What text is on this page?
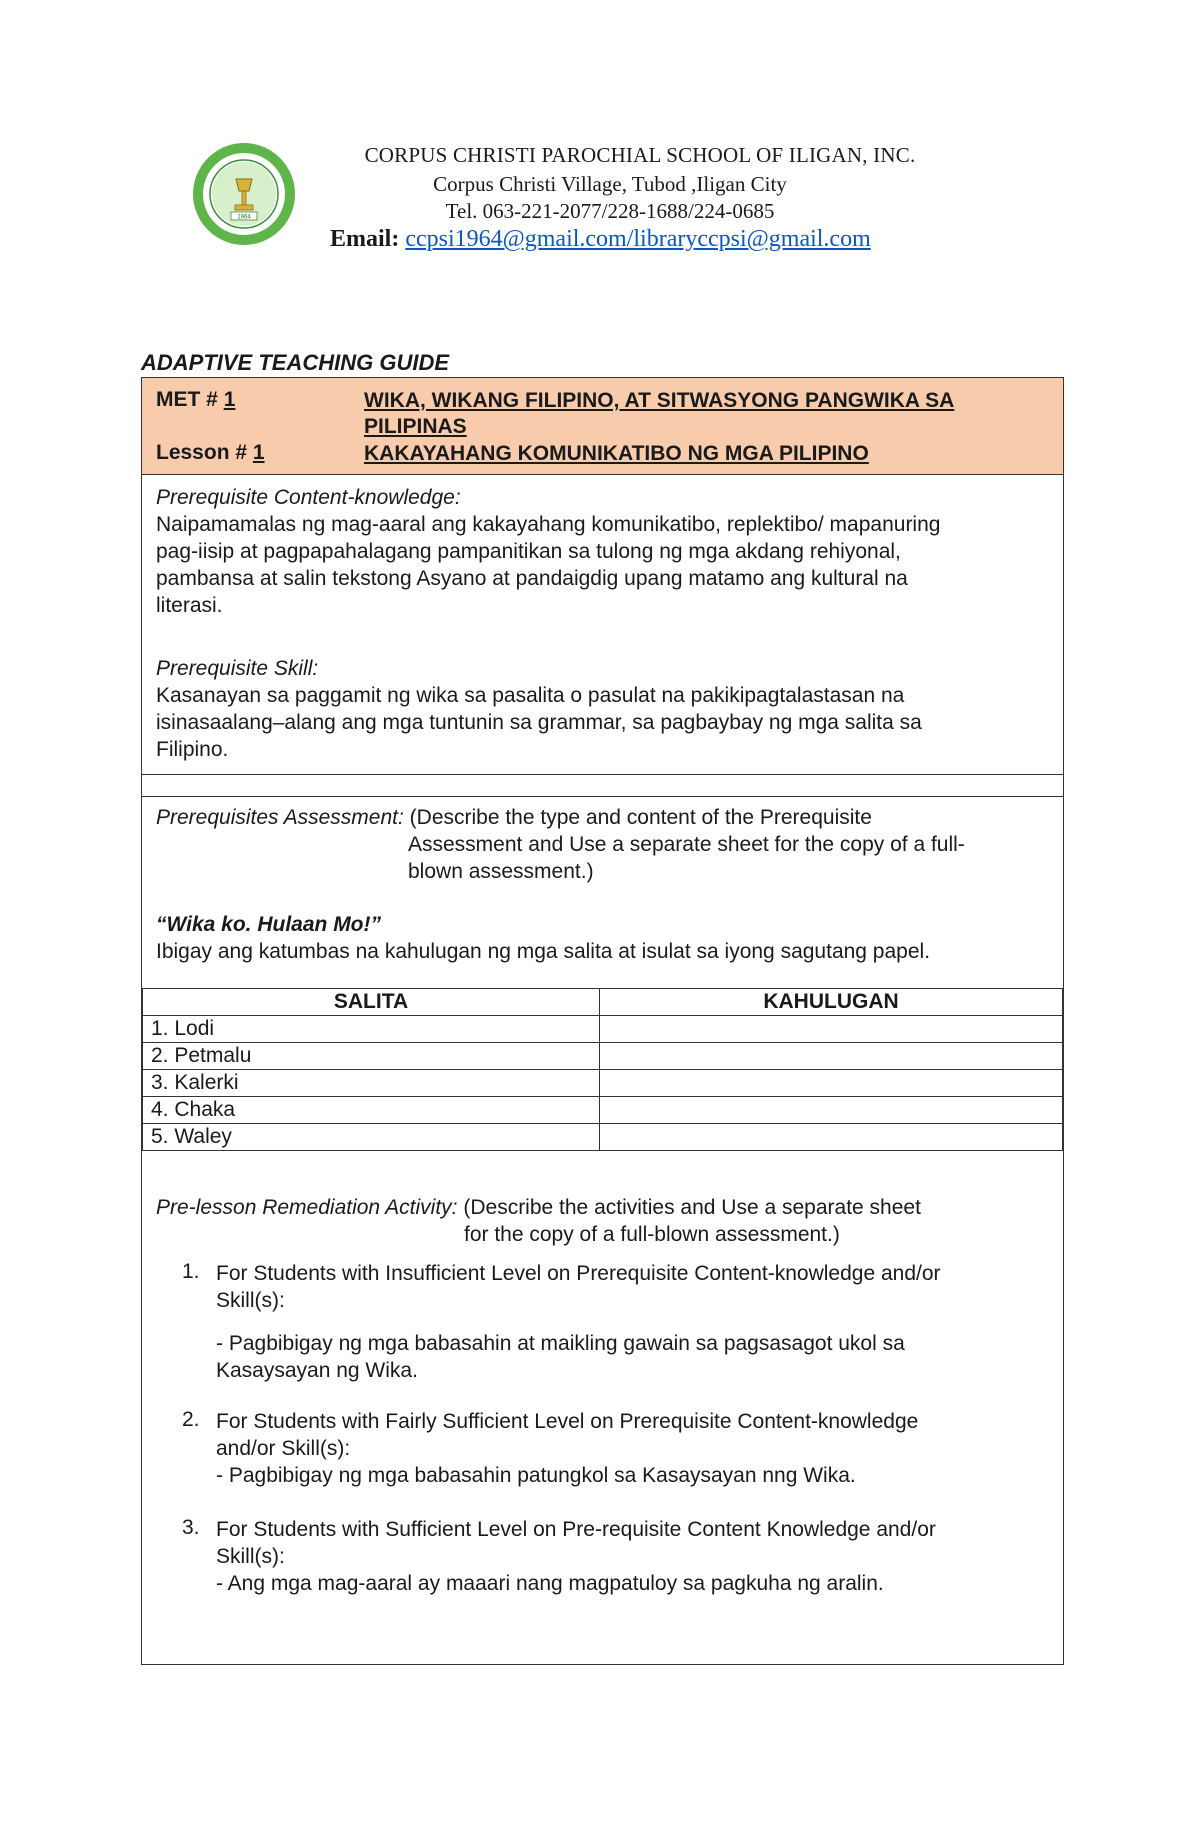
1964
CORPUS CHRISTI PAROCHIAL SCHOOL OF ILIGAN, INC.
Corpus Christi Village, Tubod ,Iligan City
Tel. 063-221-2077/228-1688/224-0685
Email: ccpsi1964@gmail.com/libraryccpsi@gmail.com
ADAPTIVE TEACHING GUIDE
MET # 1	WIKA, WIKANG FILIPINO, AT SITWASYONG PANGWIKA SA
PILIPINAS
Lesson # 1	KAKAYAHANG KOMUNIKATIBO NG MGA PILIPINO
Prerequisite Content-knowledge:
Naipamamalas ng mag-aaral ang kakayahang komunikatibo, replektibo/ mapanuring
pag-iisip at pagpapahalagang pampanitikan sa tulong ng mga akdang rehiyonal,
pambansa at salin tekstong Asyano at pandaigdig upang matamo ang kultural na
literasi.
Prerequisite Skill:
Kasanayan sa paggamit ng wika sa pasalita o pasulat na pakikipagtalastasan na
isinasaalang–alang ang mga tuntunin sa grammar, sa pagbaybay ng mga salita sa
Filipino.
Prerequisites Assessment: (Describe the type and content of the Prerequisite
Assessment and Use a separate sheet for the copy of a full-
blown assessment.)
“Wika ko. Hulaan Mo!”
Ibigay ang katumbas na kahulugan ng mga salita at isulat sa iyong sagutang papel.
SALITA	KAHULUGAN
1. Lodi	
2. Petmalu	
3. Kalerki	
4. Chaka	
5. Waley	
Pre-lesson Remediation Activity: (Describe the activities and Use a separate sheet
for the copy of a full-blown assessment.)
1. For Students with Insufficient Level on Prerequisite Content-knowledge and/or
Skill(s):
- Pagbibigay ng mga babasahin at maikling gawain sa pagsasagot ukol sa
Kasaysayan ng Wika.
2. For Students with Fairly Sufficient Level on Prerequisite Content-knowledge
and/or Skill(s):
- Pagbibigay ng mga babasahin patungkol sa Kasaysayan nng Wika.
3. For Students with Sufficient Level on Pre-requisite Content Knowledge and/or
Skill(s):
- Ang mga mag-aaral ay maaari nang magpatuloy sa pagkuha ng aralin.
